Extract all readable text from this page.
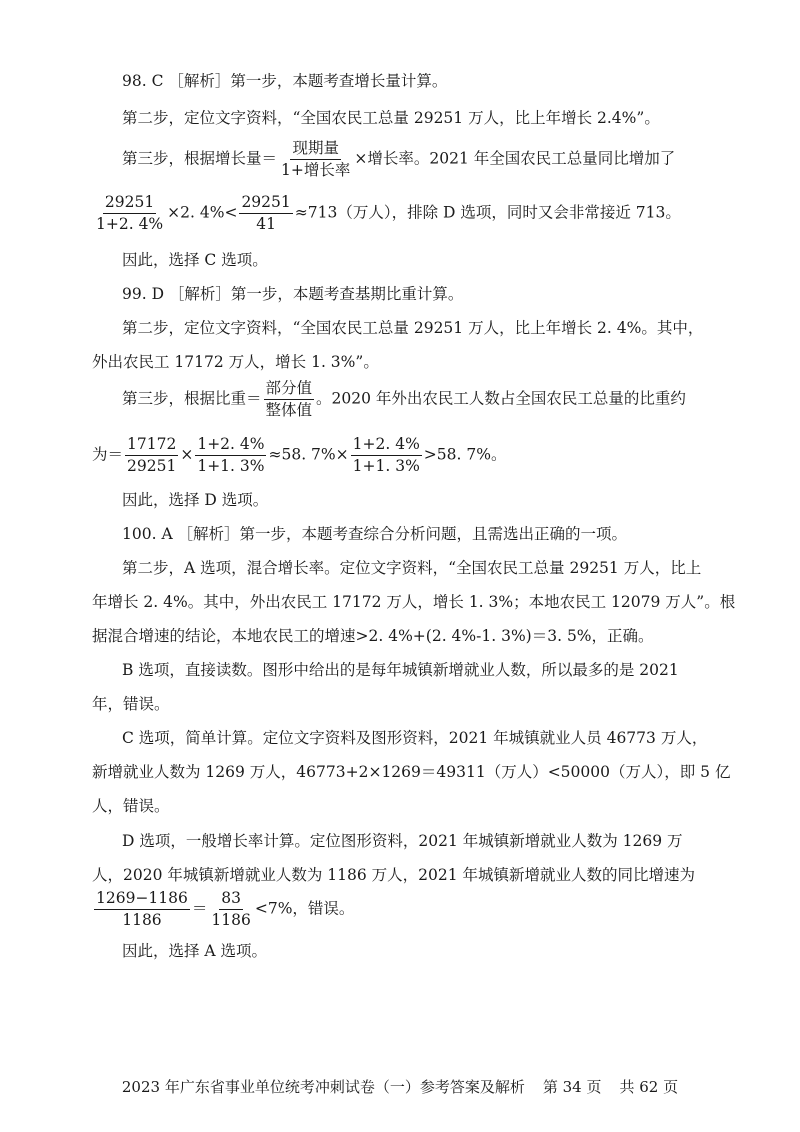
98. C ［解析］第一步，本题考查增长量计算。
第二步，定位文字资料，“全国农民工总量 29251 万人，比上年增长 2.4%”。
第三步，根据增长量＝ $\frac{\text{现期量}}{\text{1+增长率}}$ ×增长率。2021 年全国农民工总量同比增加了
$\frac{29251}{1+2. 4\%} \times 2$. $4\%< \frac{29251}{41} \approx 713$（万人），排除 D 选项，同时又会非常接近 713。
因此，选择 C 选项。
99. D ［解析］第一步，本题考查基期比重计算。
第二步，定位文字资料，“全国农民工总量 29251 万人，比上年增长 2. 4%。其中，
外出农民工 17172 万人，增长 1. 3%”。
第三步，根据比重＝ $\frac{\text{部分值}}{\text{整体值}}$ 。2020 年外出农民工人数占全国农民工总量的比重约
为＝ $\frac{17172}{29251} \times \frac{1+2. 4\%}{1+1. 3\%} \approx 58$. $7\%\times \frac{1+2. 4\%}{1+1. 3\%} >58$. 7%。
因此，选择 D 选项。
100. A ［解析］第一步，本题考查综合分析问题，且需选出正确的一项。
第二步，A 选项，混合增长率。定位文字资料，“全国农民工总量 29251 万人，比上
年增长 2. 4%。其中，外出农民工 17172 万人，增长 1. 3%；本地农民工 12079 万人”。根
据混合增速的结论，本地农民工的增速>2. 4%+(2. 4%-1. 3%)＝3. 5%，正确。
B 选项，直接读数。图形中给出的是每年城镇新增就业人数，所以最多的是 2021
年，错误。
C 选项，简单计算。定位文字资料及图形资料，2021 年城镇就业人员 46773 万人，
新增就业人数为 1269 万人，46773+2×1269＝49311（万人）<50000（万人），即 5 亿
人，错误。
D 选项，一般增长率计算。定位图形资料，2021 年城镇新增就业人数为 1269 万
人，2020 年城镇新增就业人数为 1186 万人，2021 年城镇新增就业人数的同比增速为
$\frac{1269-1186}{1186} = \frac{83}{1186} <7\%$，错误。
因此，选择 A 选项。
2023 年广东省事业单位统考冲刺试卷（一）参考答案及解析 第 34 页 共 62 页
